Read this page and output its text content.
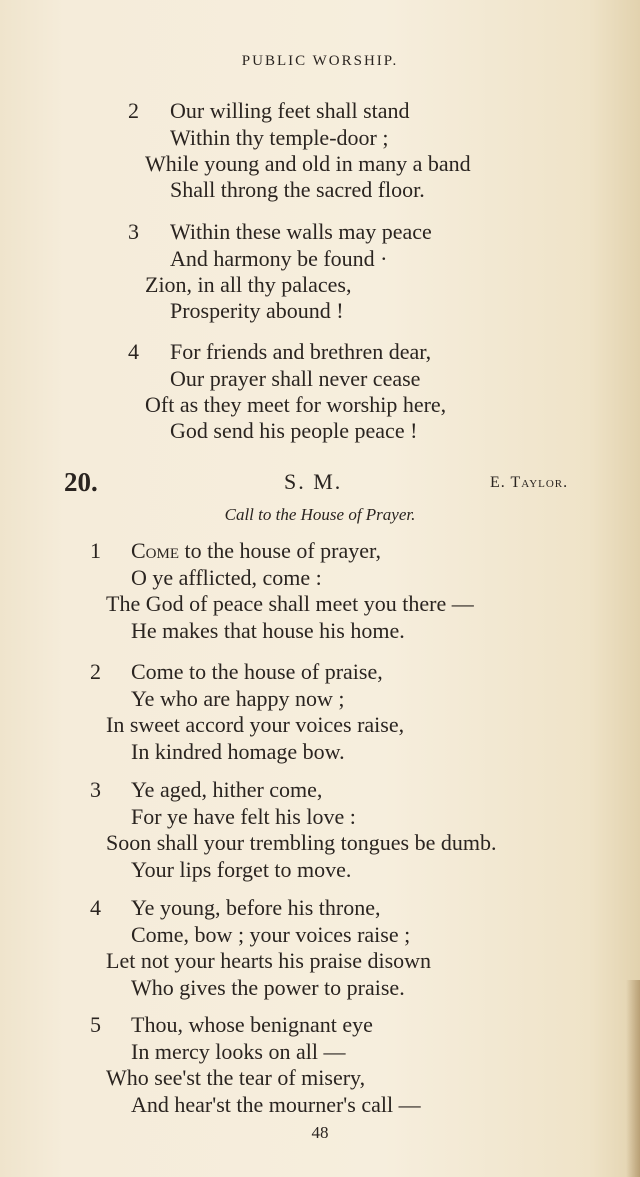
PUBLIC WORSHIP.
2 Our willing feet shall stand
Within thy temple-door ;
While young and old in many a band
Shall throng the sacred floor.
3 Within these walls may peace
And harmony be found ·
Zion, in all thy palaces,
Prosperity abound !
4 For friends and brethren dear,
Our prayer shall never cease
Oft as they meet for worship here,
God send his people peace !
20.	S. M.	E. Taylor.
Call to the House of Prayer.
1 Come to the house of prayer,
O ye afflicted, come :
The God of peace shall meet you there —
He makes that house his home.
2 Come to the house of praise,
Ye who are happy now ;
In sweet accord your voices raise,
In kindred homage bow.
3 Ye aged, hither come,
For ye have felt his love :
Soon shall your trembling tongues be dumb.
Your lips forget to move.
4 Ye young, before his throne,
Come, bow ; your voices raise ;
Let not your hearts his praise disown
Who gives the power to praise.
5 Thou, whose benignant eye
In mercy looks on all —
Who see'st the tear of misery,
And hear'st the mourner's call —
48
